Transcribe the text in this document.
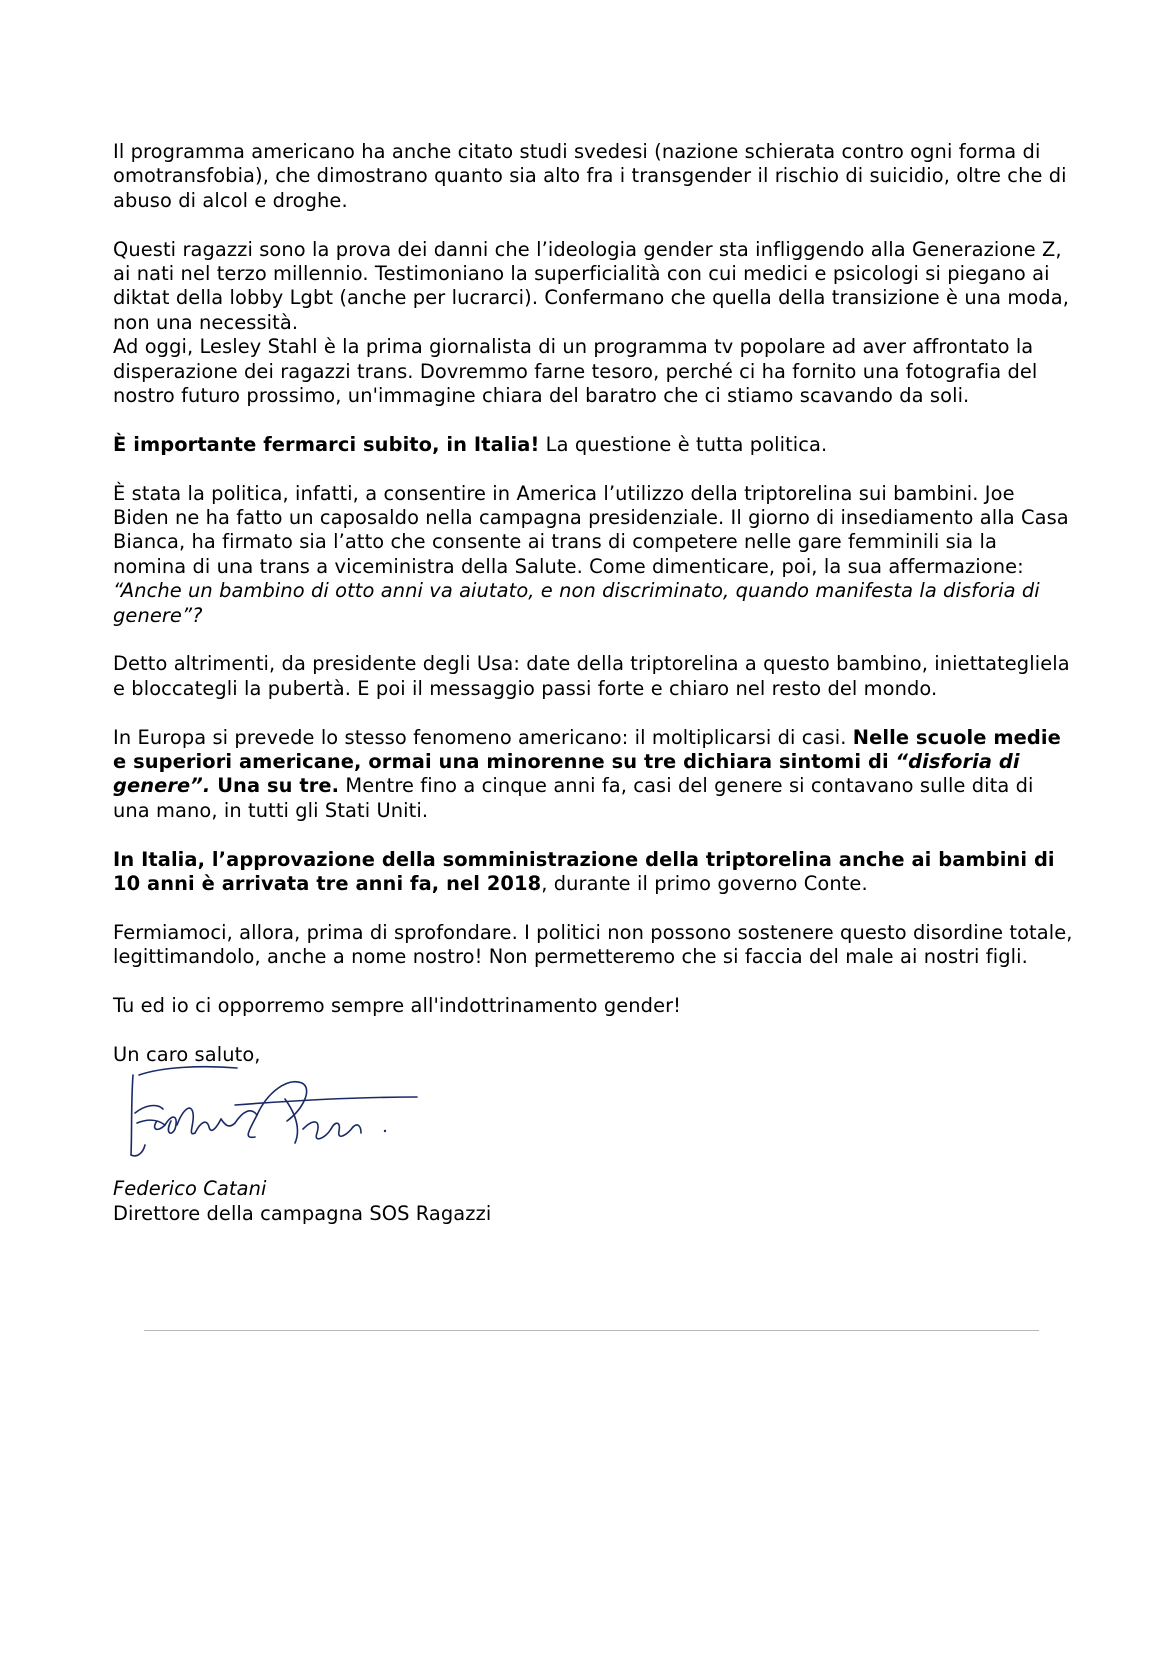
Il programma americano ha anche citato studi svedesi (nazione schierata contro ogni forma di omotransfobia), che dimostrano quanto sia alto fra i transgender il rischio di suicidio, oltre che di abuso di alcol e droghe.

Questi ragazzi sono la prova dei danni che l’ideologia gender sta infliggendo alla Generazione Z, ai nati nel terzo millennio. Testimoniano la superficialità con cui medici e psicologi si piegano ai diktat della lobby Lgbt (anche per lucrarci). Confermano che quella della transizione è una moda, non una necessità.

Ad oggi, Lesley Stahl è la prima giornalista di un programma tv popolare ad aver affrontato la disperazione dei ragazzi trans. Dovremmo farne tesoro, perché ci ha fornito una fotografia del nostro futuro prossimo, un'immagine chiara del baratro che ci stiamo scavando da soli.

È importante fermarci subito, in Italia! La questione è tutta politica.

È stata la politica, infatti, a consentire in America l’utilizzo della triptorelina sui bambini. Joe Biden ne ha fatto un caposaldo nella campagna presidenziale. Il giorno di insediamento alla Casa Bianca, ha firmato sia l’atto che consente ai trans di competere nelle gare femminili sia la nomina di una trans a viceministra della Salute. Come dimenticare, poi, la sua affermazione: “Anche un bambino di otto anni va aiutato, e non discriminato, quando manifesta la disforia di genere”?

Detto altrimenti, da presidente degli Usa: date della triptorelina a questo bambino, iniettategliela e bloccategli la pubertà. E poi il messaggio passi forte e chiaro nel resto del mondo.

In Europa si prevede lo stesso fenomeno americano: il moltiplicarsi di casi. Nelle scuole medie e superiori americane, ormai una minorenne su tre dichiara sintomi di “disforia di genere”. Una su tre. Mentre fino a cinque anni fa, casi del genere si contavano sulle dita di una mano, in tutti gli Stati Uniti.

In Italia, l’approvazione della somministrazione della triptorelina anche ai bambini di 10 anni è arrivata tre anni fa, nel 2018, durante il primo governo Conte.

Fermiamoci, allora, prima di sprofondare. I politici non possono sostenere questo disordine totale, legittimandolo, anche a nome nostro! Non permetteremo che si faccia del male ai nostri figli.

Tu ed io ci opporremo sempre all'indottrinamento gender!

Un caro saluto,

Federico Catani

Direttore della campagna SOS Ragazzi
